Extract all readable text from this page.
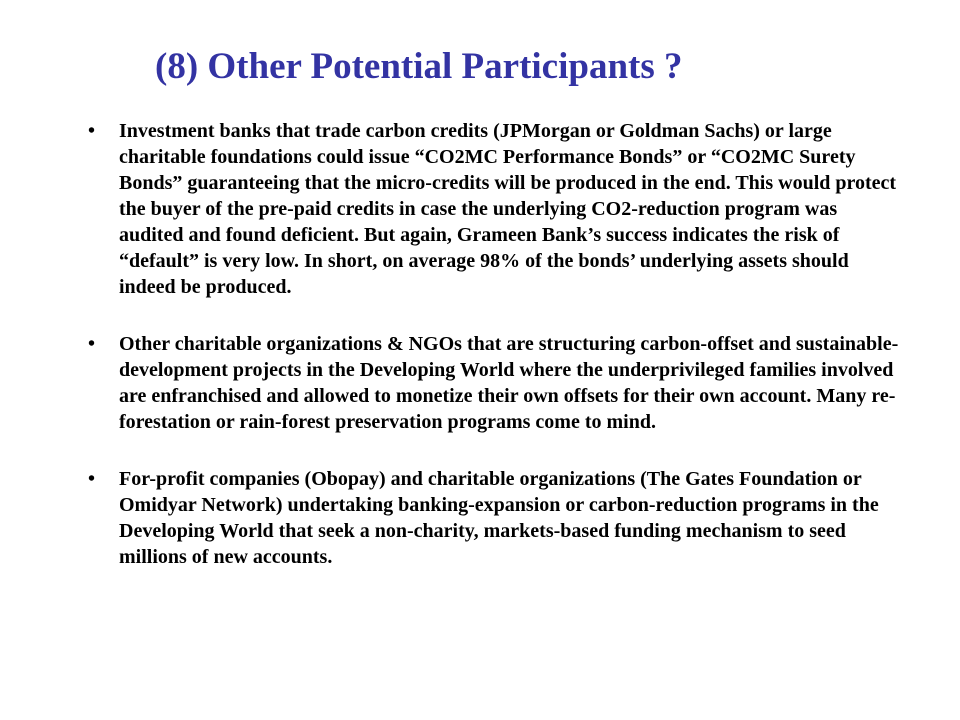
(8) Other Potential Participants ?
•	Investment banks that trade carbon credits (JPMorgan or Goldman Sachs) or large charitable foundations could issue “CO2MC Performance Bonds” or “CO2MC Surety Bonds” guaranteeing that the micro-credits will be produced in the end. This would protect the buyer of the pre-paid credits in case the underlying CO2-reduction program was audited and found deficient. But again, Grameen Bank’s success indicates the risk of “default” is very low. In short, on average 98% of the bonds’ underlying assets should indeed be produced.
•	Other charitable organizations & NGOs that are structuring carbon-offset and sustainable-development projects in the Developing World where the underprivileged families involved are enfranchised and allowed to monetize their own offsets for their own account. Many re-forestation or rain-forest preservation programs come to mind.
•	For-profit companies (Obopay) and charitable organizations (The Gates Foundation or Omidyar Network) undertaking banking-expansion or carbon-reduction programs in the Developing World that seek a non-charity, markets-based funding mechanism to seed millions of new accounts.
